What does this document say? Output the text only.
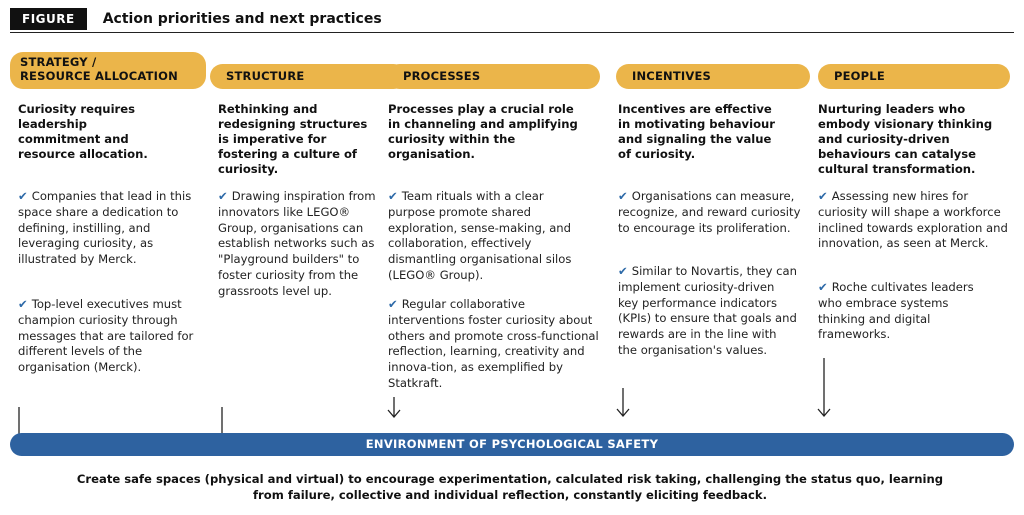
FIGURE	Action priorities and next practices
STRATEGY /
RESOURCE ALLOCATION
Curiosity requires leadership commitment and resource allocation.
✔ Companies that lead in this space share a dedication to defining, instilling, and leveraging curiosity, as illustrated by Merck.
✔ Top-level executives must champion curiosity through messages that are tailored for different levels of the organisation (Merck).
STRUCTURE
Rethinking and redesigning structures is imperative for fostering a culture of curiosity.
✔ Drawing inspiration from innovators like LEGO® Group, organisations can establish networks such as "Playground builders" to foster curiosity from the grassroots level up.
PROCESSES
Processes play a crucial role in channeling and amplifying curiosity within the organisation.
✔ Team rituals with a clear purpose promote shared exploration, sense-making, and collaboration, effectively dismantling organisational silos (LEGO® Group).
✔ Regular collaborative interventions foster curiosity about others and promote cross-functional reflection, learning, creativity and innova-tion, as exemplified by Statkraft.
INCENTIVES
Incentives are effective in motivating behaviour and signaling the value of curiosity.
✔ Organisations can measure, recognize, and reward curiosity to encourage its proliferation.
✔ Similar to Novartis, they can implement curiosity-driven key performance indicators (KPIs) to ensure that goals and rewards are in the line with the organisation's values.
PEOPLE
Nurturing leaders who embody visionary thinking and curiosity-driven behaviours can catalyse cultural transformation.
✔ Assessing new hires for curiosity will shape a workforce inclined towards exploration and innovation, as seen at Merck.
✔ Roche cultivates leaders who embrace systems thinking and digital frameworks.
ENVIRONMENT OF PSYCHOLOGICAL SAFETY
Create safe spaces (physical and virtual) to encourage experimentation, calculated risk taking, challenging the status quo, learning from failure, collective and individual reflection, constantly eliciting feedback.
